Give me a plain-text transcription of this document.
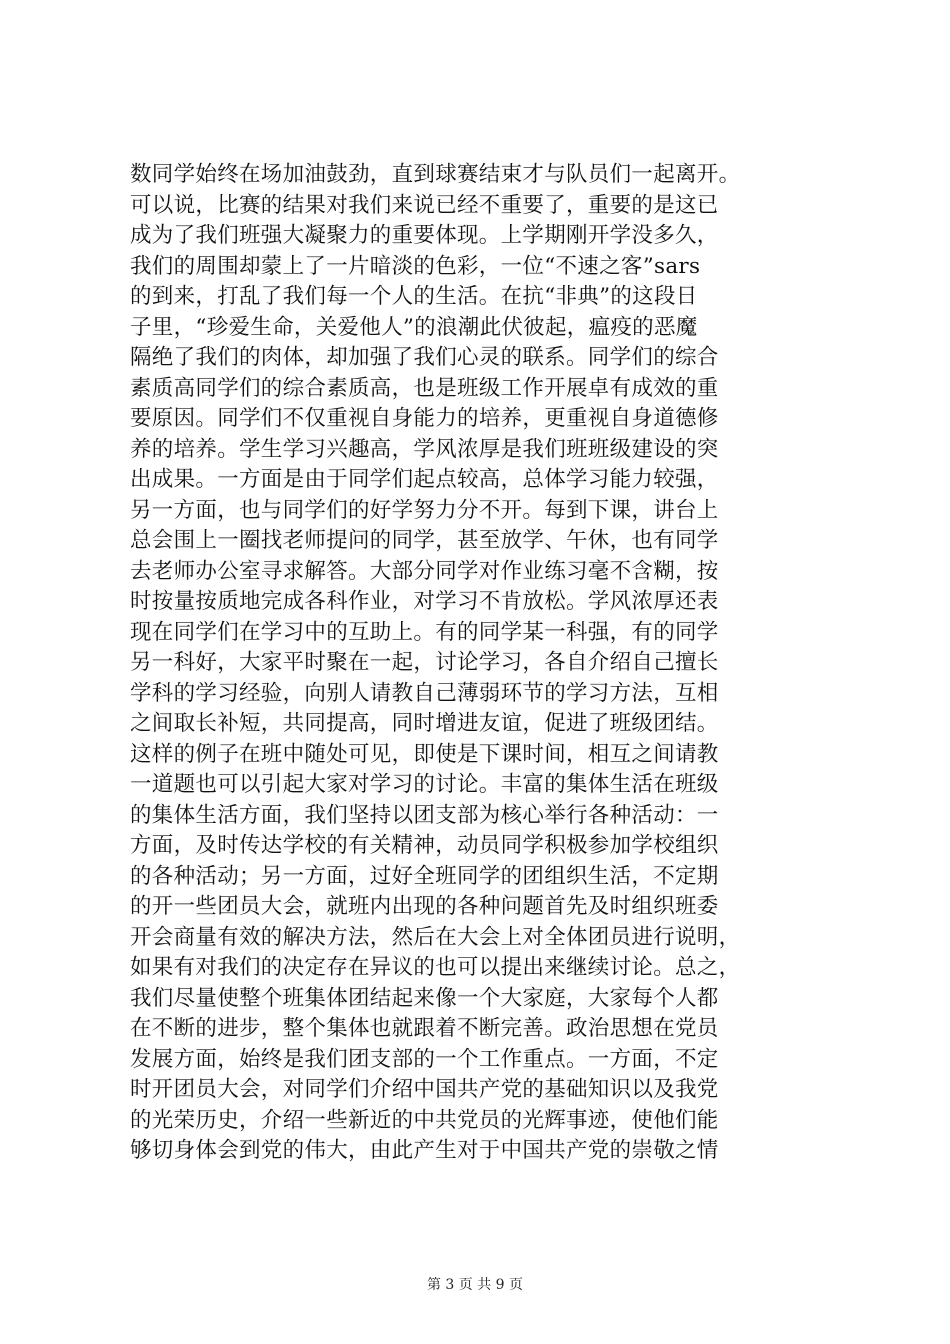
数同学始终在场加油鼓劲，直到球赛结束才与队员们一起离开。
可以说，比赛的结果对我们来说已经不重要了，重要的是这已
成为了我们班强大凝聚力的重要体现。上学期刚开学没多久，
我们的周围却蒙上了一片暗淡的色彩，一位“不速之客”sars
的到来，打乱了我们每一个人的生活。在抗“非典”的这段日
子里，“珍爱生命，关爱他人”的浪潮此伏彼起，瘟疫的恶魔
隔绝了我们的肉体，却加强了我们心灵的联系。同学们的综合
素质高同学们的综合素质高，也是班级工作开展卓有成效的重
要原因。同学们不仅重视自身能力的培养，更重视自身道德修
养的培养。学生学习兴趣高，学风浓厚是我们班班级建设的突
出成果。一方面是由于同学们起点较高，总体学习能力较强，
另一方面，也与同学们的好学努力分不开。每到下课，讲台上
总会围上一圈找老师提问的同学，甚至放学、午休，也有同学
去老师办公室寻求解答。大部分同学对作业练习毫不含糊，按
时按量按质地完成各科作业，对学习不肯放松。学风浓厚还表
现在同学们在学习中的互助上。有的同学某一科强，有的同学
另一科好，大家平时聚在一起，讨论学习，各自介绍自己擅长
学科的学习经验，向别人请教自己薄弱环节的学习方法，互相
之间取长补短，共同提高，同时增进友谊，促进了班级团结。
这样的例子在班中随处可见，即使是下课时间，相互之间请教
一道题也可以引起大家对学习的讨论。丰富的集体生活在班级
的集体生活方面，我们坚持以团支部为核心举行各种活动：一
方面，及时传达学校的有关精神，动员同学积极参加学校组织
的各种活动；另一方面，过好全班同学的团组织生活，不定期
的开一些团员大会，就班内出现的各种问题首先及时组织班委
开会商量有效的解决方法，然后在大会上对全体团员进行说明，
如果有对我们的决定存在异议的也可以提出来继续讨论。总之，
我们尽量使整个班集体团结起来像一个大家庭，大家每个人都
在不断的进步，整个集体也就跟着不断完善。政治思想在党员
发展方面，始终是我们团支部的一个工作重点。一方面，不定
时开团员大会，对同学们介绍中国共产党的基础知识以及我党
的光荣历史，介绍一些新近的中共党员的光辉事迹，使他们能
够切身体会到党的伟大，由此产生对于中国共产党的崇敬之情
第 3 页 共 9 页
